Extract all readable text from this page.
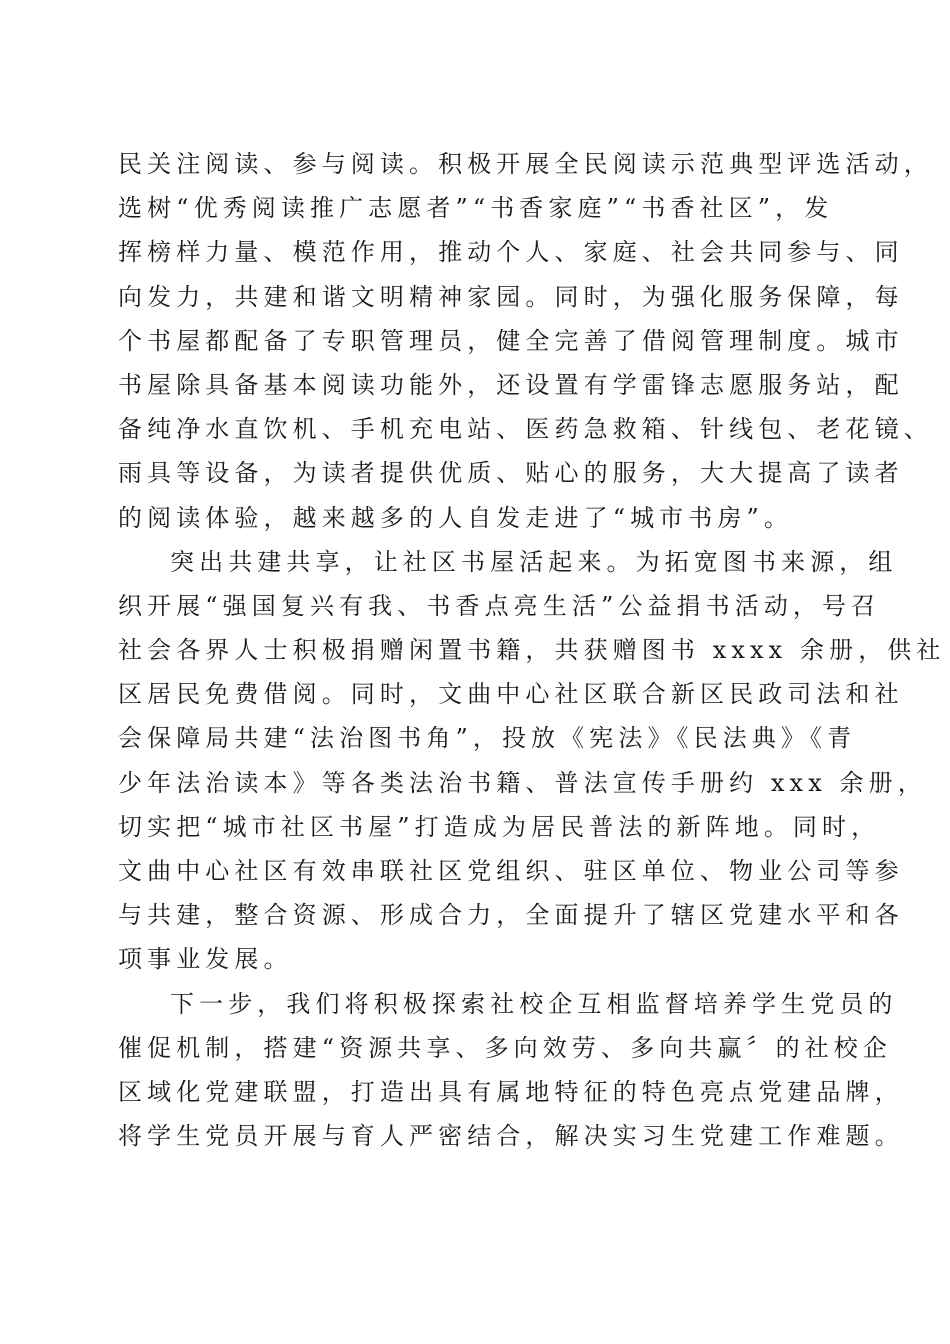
民关注阅读、参与阅读。积极开展全民阅读示范典型评选活动，
选树“优秀阅读推广志愿者”“书香家庭”“书香社区”，发
挥榜样力量、模范作用，推动个人、家庭、社会共同参与、同
向发力，共建和谐文明精神家园。同时，为强化服务保障，每
个书屋都配备了专职管理员，健全完善了借阅管理制度。城市
书屋除具备基本阅读功能外，还设置有学雷锋志愿服务站，配
备纯净水直饮机、手机充电站、医药急救箱、针线包、老花镜、
雨具等设备，为读者提供优质、贴心的服务，大大提高了读者
的阅读体验，越来越多的人自发走进了“城市书房”。
突出共建共享，让社区书屋活起来。为拓宽图书来源，组
织开展“强国复兴有我、书香点亮生活”公益捐书活动，号召
社会各界人士积极捐赠闲置书籍，共获赠图书 xxxx 余册，供社
区居民免费借阅。同时，文曲中心社区联合新区民政司法和社
会保障局共建“法治图书角”，投放《宪法》《民法典》《青
少年法治读本》等各类法治书籍、普法宣传手册约 xxx 余册，
切实把“城市社区书屋”打造成为居民普法的新阵地。同时，
文曲中心社区有效串联社区党组织、驻区单位、物业公司等参
与共建，整合资源、形成合力，全面提升了辖区党建水平和各
项事业发展。
下一步，我们将积极探索社校企互相监督培养学生党员的
催促机制，搭建“资源共享、多向效劳、多向共赢〞的社校企
区域化党建联盟，打造出具有属地特征的特色亮点党建品牌，
将学生党员开展与育人严密结合，解决实习生党建工作难题。
